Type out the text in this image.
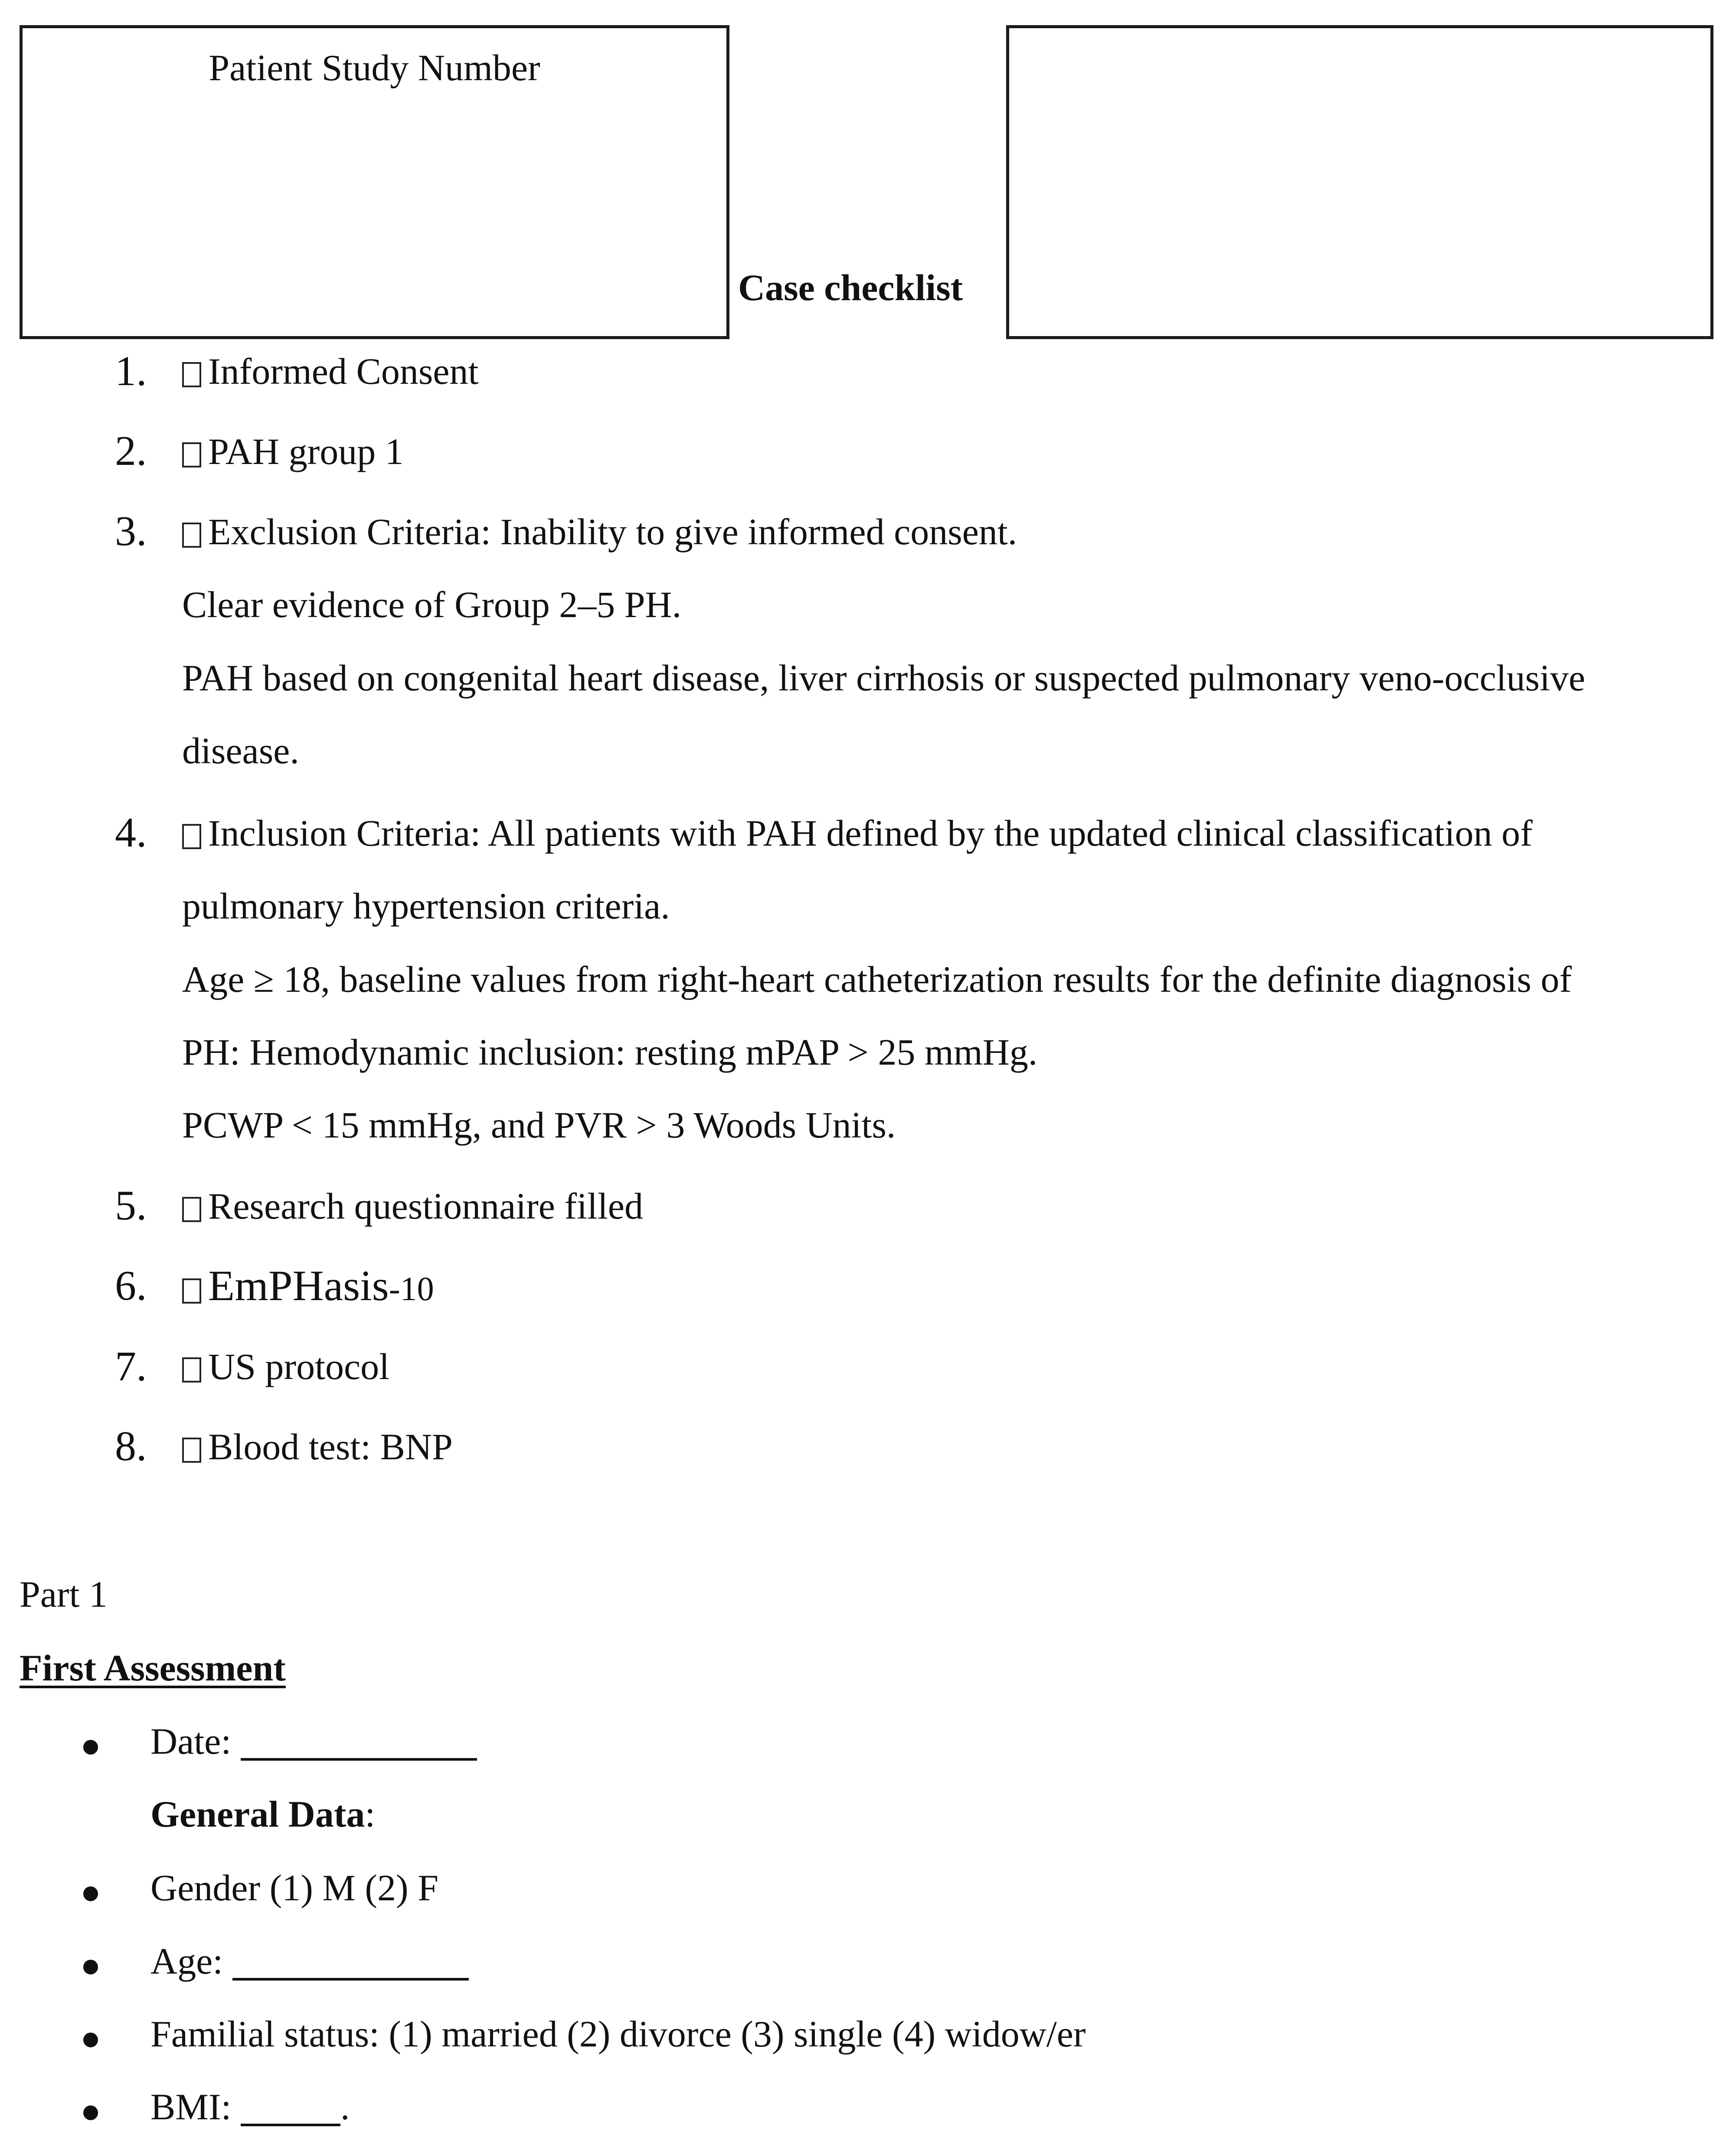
Patient Study Number
Case checklist
1.	Informed Consent
2.	PAH group 1
3.	Exclusion Criteria: Inability to give informed consent.
Clear evidence of Group 2–5 PH.
PAH based on congenital heart disease, liver cirrhosis or suspected pulmonary veno-occlusive
disease.
4.	Inclusion Criteria: All patients with PAH defined by the updated clinical classification of
pulmonary hypertension criteria.
Age ≥ 18, baseline values from right-heart catheterization results for the definite diagnosis of
PH: Hemodynamic inclusion: resting mPAP > 25 mmHg.
PCWP < 15 mmHg, and PVR > 3 Woods Units.
5.	Research questionnaire filled
6.	EmPHasis-10
7.	US protocol
8.	Blood test: BNP
Part 1
First Assessment
Date:
General Data:
Gender (1) M (2) F
Age:
Familial status: (1) married (2) divorce (3) single (4) widow/er
BMI:	.
